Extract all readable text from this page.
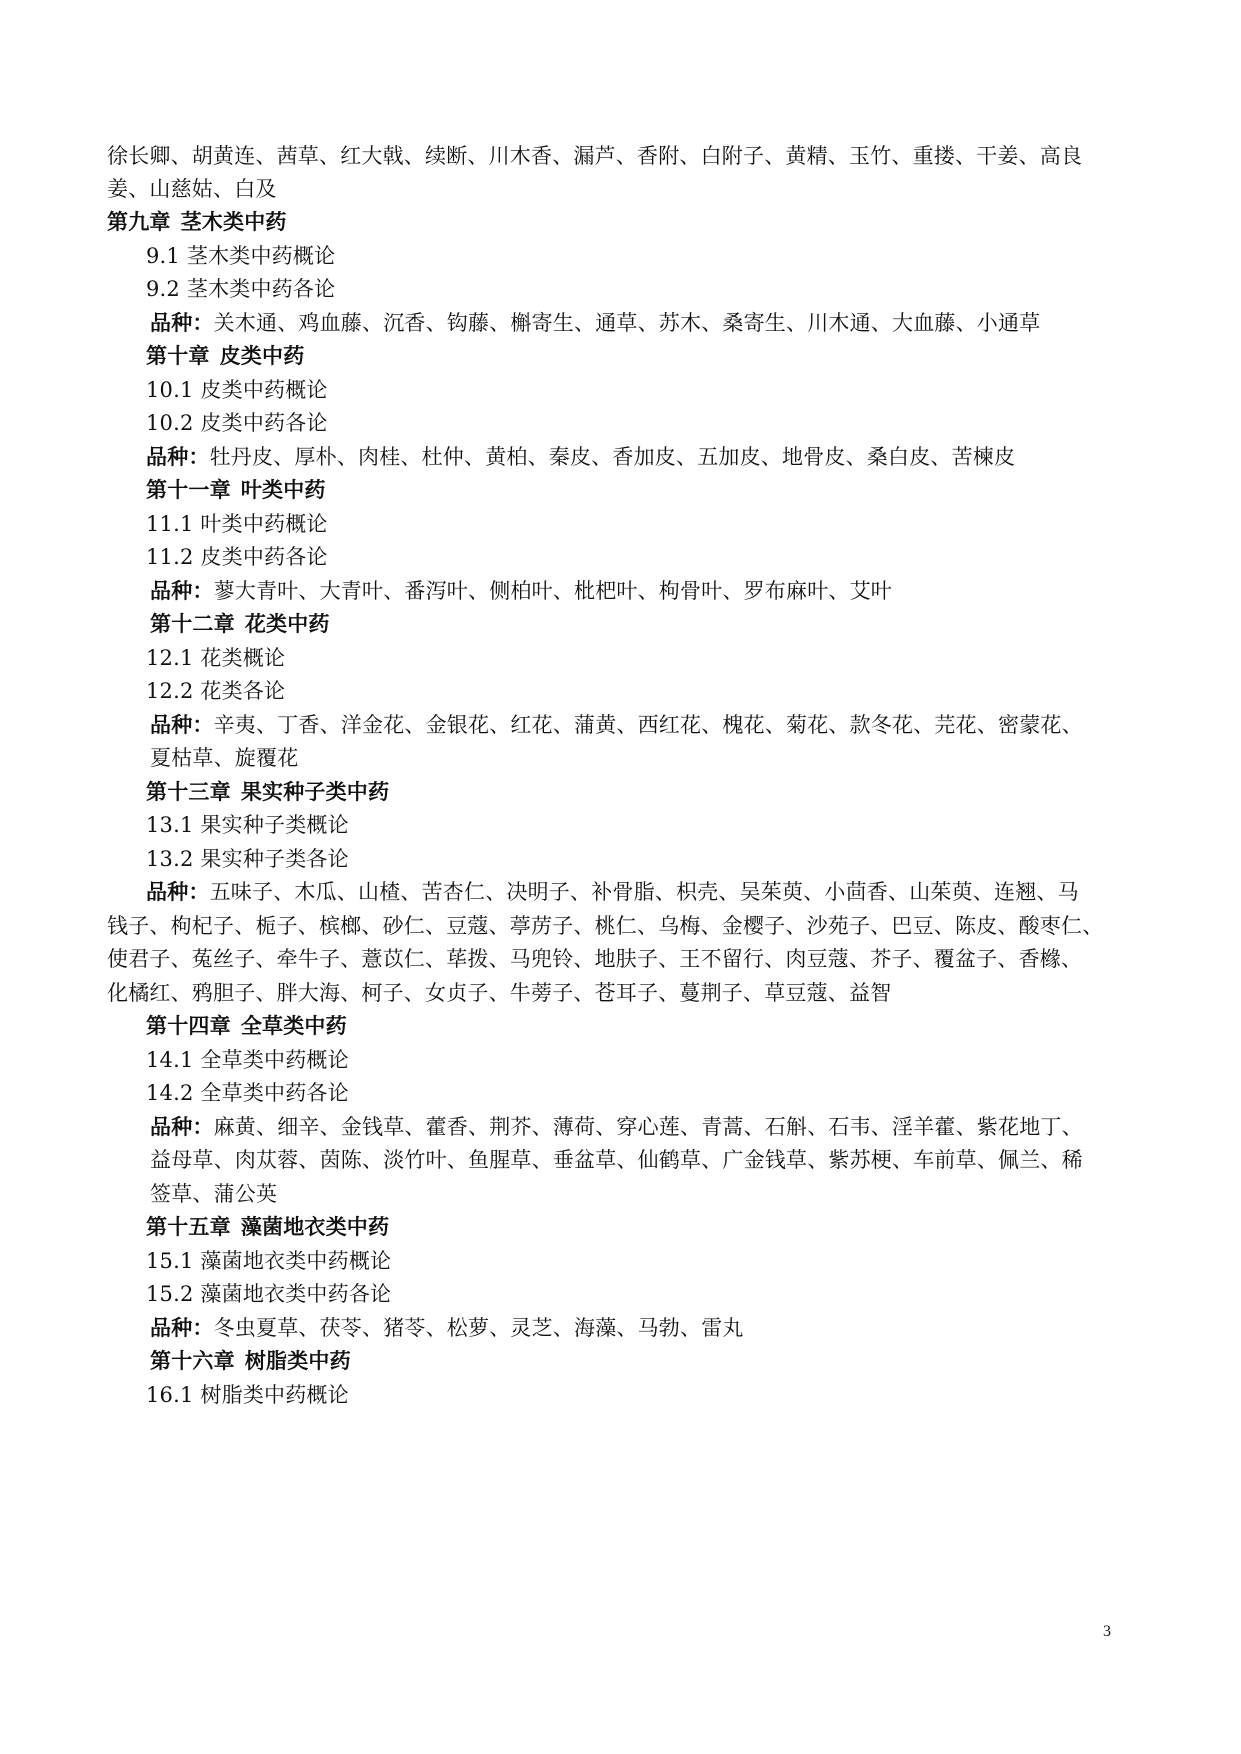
徐长卿、胡黄连、茜草、红大戟、续断、川木香、漏芦、香附、白附子、黄精、玉竹、重搂、干姜、高良
姜、山慈姑、白及
第九章 茎木类中药
9.1 茎木类中药概论
9.2 茎木类中药各论
品种：关木通、鸡血藤、沉香、钩藤、槲寄生、通草、苏木、桑寄生、川木通、大血藤、小通草
第十章 皮类中药
10.1 皮类中药概论
10.2 皮类中药各论
品种：牡丹皮、厚朴、肉桂、杜仲、黄柏、秦皮、香加皮、五加皮、地骨皮、桑白皮、苦楝皮
第十一章 叶类中药
11.1 叶类中药概论
11.2 皮类中药各论
品种：蓼大青叶、大青叶、番泻叶、侧柏叶、枇杷叶、枸骨叶、罗布麻叶、艾叶
第十二章 花类中药
12.1 花类概论
12.2 花类各论
品种：辛夷、丁香、洋金花、金银花、红花、蒲黄、西红花、槐花、菊花、款冬花、芫花、密蒙花、
夏枯草、旋覆花
第十三章 果实种子类中药
13.1 果实种子类概论
13.2 果实种子类各论
品种：五味子、木瓜、山楂、苦杏仁、决明子、补骨脂、枳壳、吴茱萸、小茴香、山茱萸、连翘、马
钱子、枸杞子、栀子、槟榔、砂仁、豆蔻、葶苈子、桃仁、乌梅、金樱子、沙苑子、巴豆、陈皮、酸枣仁、
使君子、菟丝子、牵牛子、薏苡仁、荜拨、马兜铃、地肤子、王不留行、肉豆蔻、芥子、覆盆子、香橼、
化橘红、鸦胆子、胖大海、柯子、女贞子、牛蒡子、苍耳子、蔓荆子、草豆蔻、益智
第十四章 全草类中药
14.1 全草类中药概论
14.2 全草类中药各论
品种：麻黄、细辛、金钱草、藿香、荆芥、薄荷、穿心莲、青蒿、石斛、石韦、淫羊藿、紫花地丁、
益母草、肉苁蓉、茵陈、淡竹叶、鱼腥草、垂盆草、仙鹤草、广金钱草、紫苏梗、车前草、佩兰、稀
签草、蒲公英
第十五章 藻菌地衣类中药
15.1 藻菌地衣类中药概论
15.2 藻菌地衣类中药各论
品种：冬虫夏草、茯苓、猪苓、松萝、灵芝、海藻、马勃、雷丸
第十六章 树脂类中药
16.1 树脂类中药概论
3
